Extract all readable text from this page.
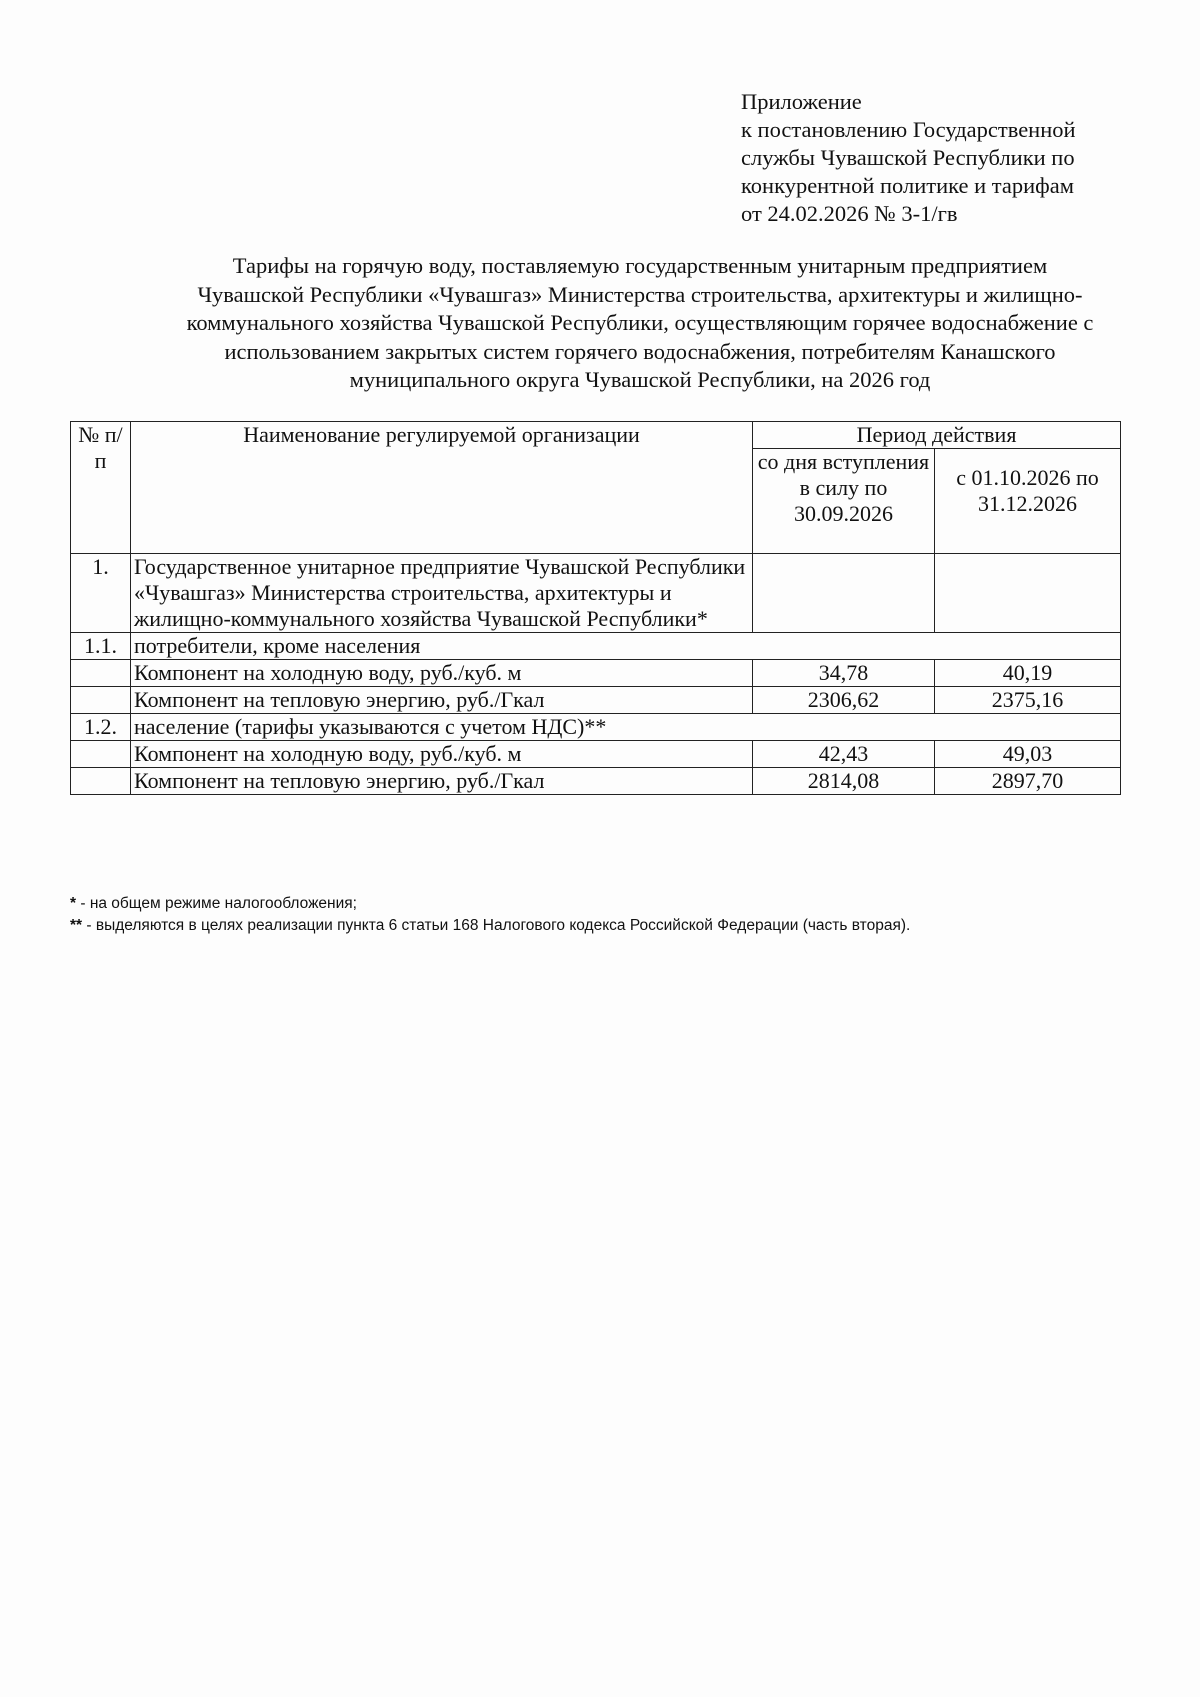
Приложение
к постановлению Государственной
службы Чувашской Республики по
конкурентной политике и тарифам
от 24.02.2026 № 3-1/гв
Тарифы на горячую воду, поставляемую государственным унитарным предприятием
Чувашской Республики «Чувашгаз» Министерства строительства, архитектуры и жилищно-
коммунального хозяйства Чувашской Республики, осуществляющим горячее водоснабжение с
использованием закрытых систем горячего водоснабжения, потребителям Канашского
муниципального округа Чувашской Республики, на 2026 год
№ п/п	Наименование регулируемой организации	Период действия	
		со дня вступления в силу по 30.09.2026	с 01.10.2026 по 31.12.2026
1.	Государственное унитарное предприятие Чувашской Республики «Чувашгаз» Министерства строительства, архитектуры и жилищно-коммунального хозяйства Чувашской Республики*		
1.1.	потребители, кроме населения		
	Компонент на холодную воду, руб./куб. м	34,78	40,19
	Компонент на тепловую энергию, руб./Гкал	2306,62	2375,16
1.2.	население (тарифы указываются с учетом НДС)**		
	Компонент на холодную воду, руб./куб. м	42,43	49,03
	Компонент на тепловую энергию, руб./Гкал	2814,08	2897,70
* - на общем режиме налогообложения;
** - выделяются в целях реализации пункта 6 статьи 168 Налогового кодекса Российской Федерации (часть вторая).
